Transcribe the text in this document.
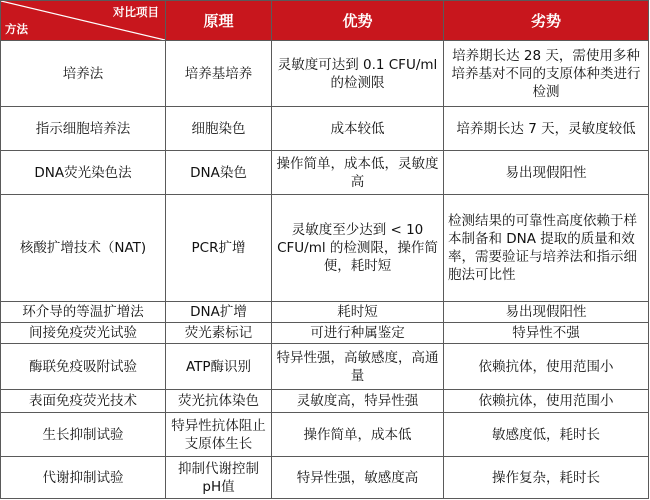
对比项目
方法	原理	优势	劣势
培养法	培养基培养	灵敏度可达到 0.1 CFU/ml 的检测限	培养期长达 28 天，需使用多种培养基对不同的支原体种类进行检测
指示细胞培养法	细胞染色	成本较低	培养期长达 7 天，灵敏度较低
DNA荧光染色法	DNA染色	操作简单，成本低，灵敏度高	易出现假阳性
核酸扩增技术（NAT)	PCR扩增	灵敏度至少达到 < 10 CFU/ml 的检测限，操作简便，耗时短	检测结果的可靠性高度依赖于样本制备和 DNA 提取的质量和效率，需要验证与培养法和指示细胞法可比性
环介导的等温扩增法	DNA扩增	耗时短	易出现假阳性
间接免疫荧光试验	荧光素标记	可进行种属鉴定	特异性不强
酶联免疫吸附试验	ATP酶识别	特异性强，高敏感度，高通量	依赖抗体，使用范围小
表面免疫荧光技术	荧光抗体染色	灵敏度高，特异性强	依赖抗体，使用范围小
生长抑制试验	特异性抗体阻止支原体生长	操作简单，成本低	敏感度低，耗时长
代谢抑制试验	抑制代谢控制pH值	特异性强，敏感度高	操作复杂，耗时长
